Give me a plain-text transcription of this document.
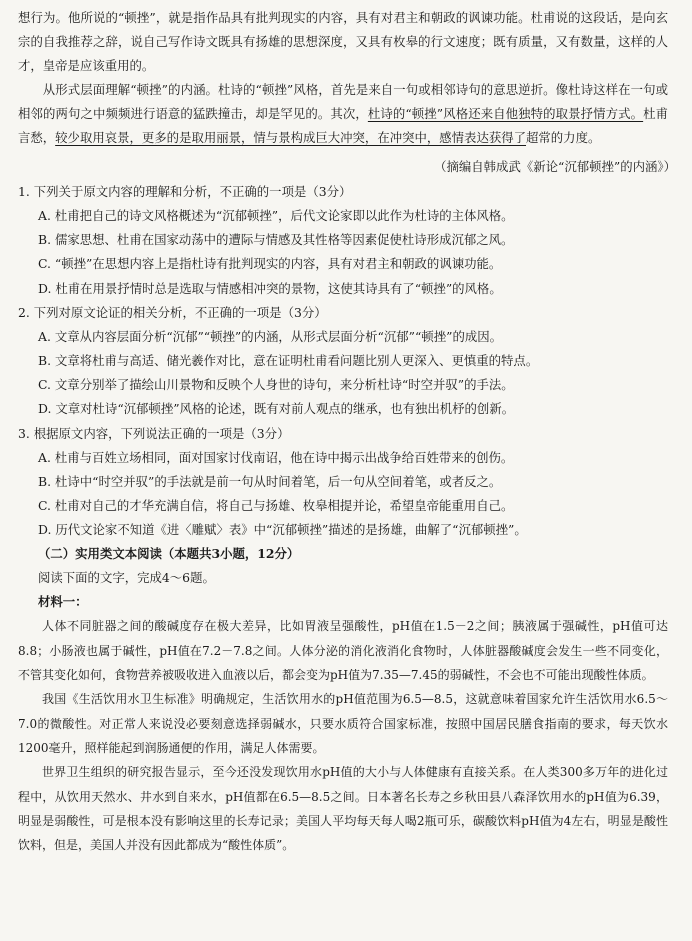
想行为。他所说的“顿挫”，就是指作品具有批判现实的内容，具有对君主和朝政的讽谏功能。杜甫说的这段话，是向玄宗的自我推荐之辞，说自己写作诗文既具有扬雄的思想深度，又具有枚皋的行文速度；既有质量，又有数量，这样的人才，皇帝是应该重用的。

从形式层面理解“顿挫”的内涵。杜诗的“顿挫”风格，首先是来自一句或相邻诗句的意思逆折。像杜诗这样在一句或相邻的两句之中频频进行语意的猛跌撞击，却是罕见的。其次，杜诗的“顿挫”风格还来自他独特的取景抒情方式。杜甫言愁，较少取用哀景，更多的是取用丽景，情与景构成巨大冲突，在冲突中，感情表达获得了超常的力度。

（摘编自韩成武《新论“沉郁顿挫”的内涵》）

1. 下列关于原文内容的理解和分析，不正确的一项是（3分）

A. 杜甫把自己的诗文风格概述为“沉郁顿挫”，后代文论家即以此作为杜诗的主体风格。

B. 儒家思想、杜甫在国家动荡中的遭际与情感及其性格等因素促使杜诗形成沉郁之风。

C. “顿挫”在思想内容上是指杜诗有批判现实的内容，具有对君主和朝政的讽谏功能。

D. 杜甫在用景抒情时总是选取与情感相冲突的景物，这使其诗具有了“顿挫”的风格。

2. 下列对原文论证的相关分析，不正确的一项是（3分）

A. 文章从内容层面分析“沉郁”“顿挫”的内涵，从形式层面分析“沉郁”“顿挫”的成因。

B. 文章将杜甫与高适、储光羲作对比，意在证明杜甫看问题比别人更深入、更慎重的特点。

C. 文章分别举了描绘山川景物和反映个人身世的诗句，来分析杜诗“时空并驭”的手法。

D. 文章对杜诗“沉郁顿挫”风格的论述，既有对前人观点的继承，也有独出机杼的创新。

3. 根据原文内容，下列说法正确的一项是（3分）

A. 杜甫与百姓立场相同，面对国家讨伐南诏，他在诗中揭示出战争给百姓带来的创伤。

B. 杜诗中“时空并驭”的手法就是前一句从时间着笔，后一句从空间着笔，或者反之。

C. 杜甫对自己的才华充满自信，将自己与扬雄、枚皋相提并论，希望皇帝能重用自己。

D. 历代文论家不知道《进〈雕赋〉表》中“沉郁顿挫”描述的是扬雄，曲解了“沉郁顿挫”。

（二）实用类文本阅读（本题共3小题，12分）

阅读下面的文字，完成4～6题。

材料一：

人体不同脏器之间的酸碱度存在极大差异，比如胃液呈强酸性，pH值在1.5－2之间；胰液属于强碱性，pH值可达8.8；小肠液也属于碱性，pH值在7.2－7.8之间。人体分泌的消化液消化食物时，人体脏器酸碱度会发生一些不同变化，不管其变化如何，食物营养被吸收进入血液以后，都会变为pH值为7.35—7.45的弱碱性，不会也不可能出现酸性体质。

我国《生活饮用水卫生标准》明确规定，生活饮用水的pH值范围为6.5—8.5，这就意味着国家允许生活饮用水6.5～7.0的微酸性。对正常人来说没必要刻意选择弱碱水，只要水质符合国家标准，按照中国居民膳食指南的要求，每天饮水1200毫升，照样能起到润肠通便的作用，满足人体需要。

世界卫生组织的研究报告显示，至今还没发现饮用水pH值的大小与人体健康有直接关系。在人类300多万年的进化过程中，从饮用天然水、井水到自来水，pH值都在6.5—8.5之间。日本著名长寿之乡秋田县八森泽饮用水的pH值为6.39，明显是弱酸性，可是根本没有影响这里的长寿记录；美国人平均每天每人喝2瓶可乐，碳酸饮料pH值为4左右，明显是酸性饮料，但是，美国人并没有因此都成为“酸性体质”。
